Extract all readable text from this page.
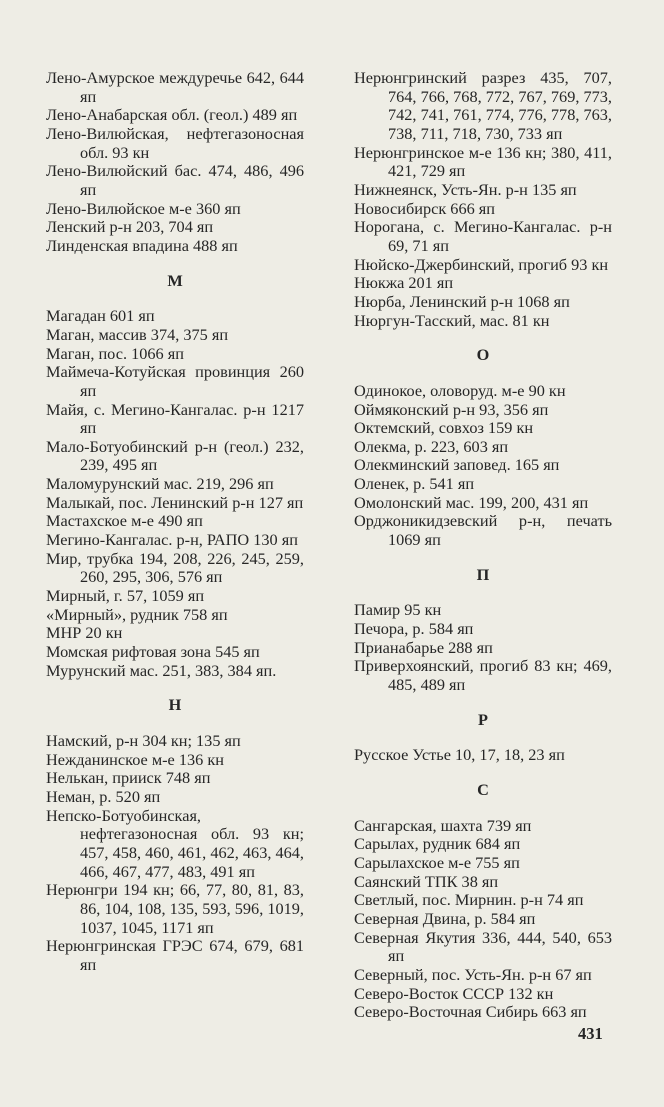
Лено-Амурское междуречье 642, 644 яп
Лено-Анабарская обл. (геол.) 489 яп
Лено-Вилюйская, нефтегазоносная обл. 93 кн
Лено-Вилюйский бас. 474, 486, 496 яп
Лено-Вилюйское м-е 360 яп
Ленский р-н 203, 704 яп
Линденская впадина 488 яп
М
Магадан 601 яп
Маган, массив 374, 375 яп
Маган, пос. 1066 яп
Маймеча-Котуйская провинция 260 яп
Майя, с. Мегино-Кангалас. р-н 1217 яп
Мало-Ботуобинский р-н (геол.) 232, 239, 495 яп
Маломурунский мас. 219, 296 яп
Малыкай, пос. Ленинский р-н 127 яп
Мастахское м-е 490 яп
Мегино-Кангалас. р-н, РАПО 130 яп
Мир, трубка 194, 208, 226, 245, 259, 260, 295, 306, 576 яп
Мирный, г. 57, 1059 яп
«Мирный», рудник 758 яп
МНР 20 кн
Момская рифтовая зона 545 яп
Мурунский мас. 251, 383, 384 яп.
Н
Намский, р-н 304 кн; 135 яп
Нежданинское м-е 136 кн
Нелькан, прииск 748 яп
Неман, р. 520 яп
Непско-Ботуобинская, нефтегазоносная обл. 93 кн; 457, 458, 460, 461, 462, 463, 464, 466, 467, 477, 483, 491 яп
Нерюнгри 194 кн; 66, 77, 80, 81, 83, 86, 104, 108, 135, 593, 596, 1019, 1037, 1045, 1171 яп
Нерюнгринская ГРЭС 674, 679, 681 яп
Нерюнгринский разрез 435, 707, 764, 766, 768, 772, 767, 769, 773, 742, 741, 761, 774, 776, 778, 763, 738, 711, 718, 730, 733 яп
Нерюнгринское м-е 136 кн; 380, 411, 421, 729 яп
Нижнеянск, Усть-Ян. р-н 135 яп
Новосибирск 666 яп
Норогана, с. Мегино-Кангалас. р-н 69, 71 яп
Нюйско-Джербинский, прогиб 93 кн
Нюкжа 201 яп
Нюрба, Ленинский р-н 1068 яп
Нюргун-Тасский, мас. 81 кн
О
Одинокое, оловоруд. м-е 90 кн
Оймяконский р-н 93, 356 яп
Октемский, совхоз 159 кн
Олекма, р. 223, 603 яп
Олекминский заповед. 165 яп
Оленек, р. 541 яп
Омолонский мас. 199, 200, 431 яп
Орджоникидзевский р-н, печать 1069 яп
П
Памир 95 кн
Печора, р. 584 яп
Прианабарье 288 яп
Приверхоянский, прогиб 83 кн; 469, 485, 489 яп
Р
Русское Устье 10, 17, 18, 23 яп
С
Сангарская, шахта 739 яп
Сарылах, рудник 684 яп
Сарылахское м-е 755 яп
Саянский ТПК 38 яп
Светлый, пос. Мирнин. р-н 74 яп
Северная Двина, р. 584 яп
Северная Якутия 336, 444, 540, 653 яп
Северный, пос. Усть-Ян. р-н 67 яп
Северо-Восток СССР 132 кн
Северо-Восточная Сибирь 663 яп
431
